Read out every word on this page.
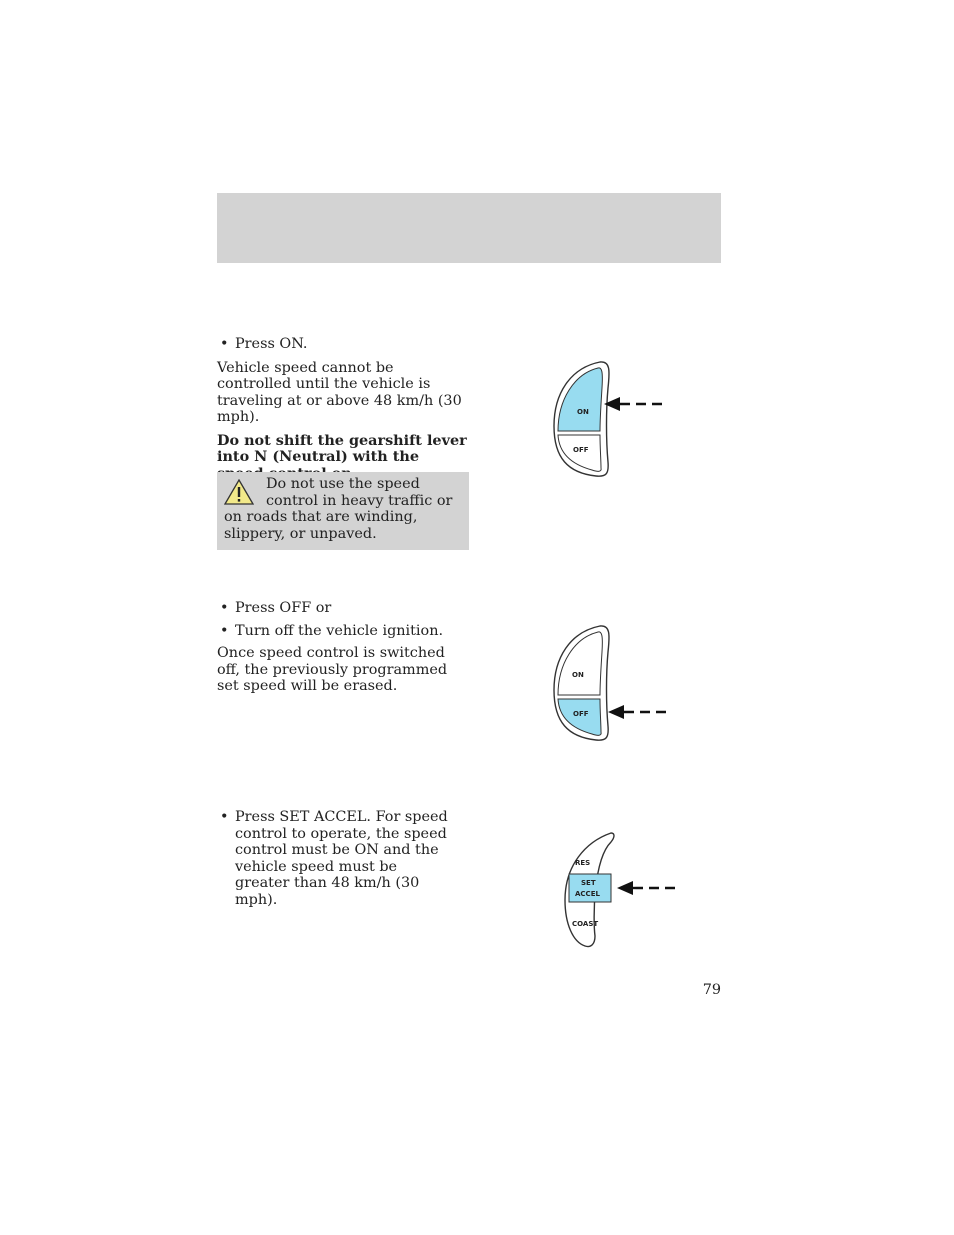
• Press ON.

Vehicle speed cannot be controlled until the vehicle is traveling at or above 48 km/h (30 mph).

Do not shift the gearshift lever into N (Neutral) with the

Do not use the speed control in heavy traffic or
on roads that are winding, slippery, or unpaved.
ON
OFF
• Press OFF or
• Turn off the vehicle ignition.

Once speed control is switched off, the previously programmed set speed will be erased.

ON
OFF
• Press SET ACCEL. For speed control to operate, the speed control must be ON and the vehicle speed must be greater than 48 km/h (30 mph).
RES
SET
ACCEL
COAST
79
